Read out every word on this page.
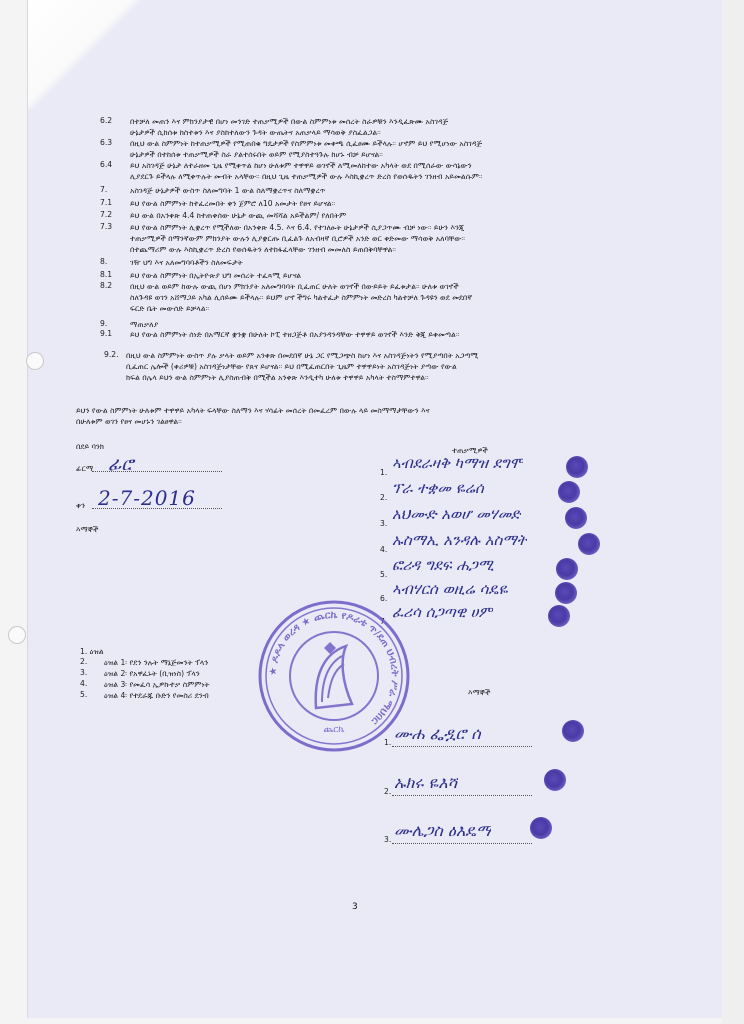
6.2 በተቻለ መጠን እና ምክንያታዊ በሆነ መንገድ ተጠቃሚዎች በውል ስምምነቱ መሰረት ስራዎቹን እንዲፈጽሙ አስገዳጅ
ሁኔታዎች ሲከሰቱ ከስተቱን እና ያስከተለውን ጉዳት ውጤትና አጠቃላይ ማሳወቅ ያስፈልጋል።
6.3 በዚህ ውል ስምምነት ከተጠቃሚዎች የሚጠበቁ ግዴታዎች የስምምነቱ መቀጫ ሲፈፀሙ ይችላሉ። ሆኖም ይህ የሚሆነው አስገዳጅ
ሁኔታዎች በተከሰቱ ተጠቃሚዎች ስራ ያልተሰሩበት ወይም የሚያስተጓጉሉ ከሆኑ ብቻ ይሆናል።
6.4 ይህ አስገዳጅ ሁኔታ ለተራዘመ ጊዜ የሚቀጥል ከሆነ ሁለቱም ተዋዋይ ወገኖች ለሚመለከተው አካላት ወደ በሚሰራው ውሳኔውን
ሊያደርጉ ይችላሉ ለሚቀጥሉት መብት አላቸው። በዚህ ጊዜ ተጠቃሚዎች ውሉ እስኪቋረጥ ድረስ የወሰዱትን ገንዘብ አይመልሱም።
7.	አስገዳጅ ሁኔታዎች ውስጥ ስለመግባት 1 ውል ስለማቋረጥና ስለማቋረጥ
7.1 ይህ የውል ስምምነት ከተፈረመበት ቀን ጀምሮ ለ10 አመታት የፀና ይሆናል።
7.2 ይህ ውል በአንቀጽ 4.4 ከተጠቀሰው ሁኔታ ውጪ መሻሻል አይችልም/ የለበትም
7.3 ይህ የውል ስምምነት ሊቋረጥ የሚችለው በአንቀጽ 4.5. እና 6.4. የተገለፁት ሁኔታዎች ሲያጋጥሙ ብቻ ነው። ይሁን እንጂ
ተጠቃሚዎች በማንኛውም ምክንያት ውሉን ሊያቋርጡ ቢፈልጉ ለአብዛኛ ቢሮዎች አንድ ወር ቀድመው ማሳወቅ አለባቸው።
በተጨማሪም ውሉ እስኪቋረጥ ድረስ የወሰዱትን ለተከፋፈላቸው ገንዘብ መመለስ ይጠበቅባቸዋል።
8.	ገዥ ህግ እና አለመግባባቶችን ስለመፍታት
8.1 ይህ የውል ስምምነት በኢትዮጵያ ህግ መሰረት ተፈጻሚ ይሆናል
8.2 በዚህ ውል ወይም ከውሉ ውጪ በሆነ ምክንያት አለመግባባት ቢፈጠር ሁለት ወገኖች በውይይት ይፈቱታል። ሁለቱ ወገኖች
ስለጉዳዩ ወገን አሸማጋይ አካል ሊሰይሙ ይችላሉ። ይህም ሆኖ ችግሩ ካልተፈታ ስምምነት መድረስ ካልተቻለ ጉዳዩን ወደ መደበኛ
ፍርድ ቤት መውሰድ ይቻላል።
9.	ማጠቃለያ
9.1 ይህ የውል ስምምነት ሰነድ በአማርኛ ቋንቋ በሁለት ኮፒ ተዘጋጅቶ በአያንዳንዳቸው ተዋዋይ ወገኖች እንድ ቅጂ ይቀመጣል።
9.2. በዚህ ውል ስምምነት ውስጥ ያሉ ቃላት ወይም አንቀጽ በመደበኛ ሁኔ ጋር የሚጋጭስ ከሆነ እና አስገዳጅነትን የሚያጣበት አጋጣሚ
ቢፈጠር ሌሎች (ቀሪዎቹ) አስገዳጅነታቸው የጸና ይሆናል። ይህ በሚፈጠርበት ጊዜም ተዋዋይነት አስገዳጅነት ያጣው የውል
ክፍል በሌላ ይህን ውል ስምምነት ሊያስጠብቅ በሚችል አንቀጽ እንዲተካ ሁለቱ ተዋዋይ አካላት ተስማምተዋል።
ይህን የውል ስምምነት ሁለቱም ተዋዋይ አካላት ፍላቸው ስለማን እና ሃሳፊት መሰረት በመፈረም በውሉ ላይ መስማማታቸውን እና
በሁለቱም ወገን የፀና መሆኑን ገልፀዋል።
በደይ ባንክ
ፊርማ ፊሮ
ቀን 2-7-2016
እማኞች
ተጠቃሚዎች
1.
ኣብደራዛቅ ካማዝ ደግሞ
2.
ፕራ ተቋመ ዬሬሰ
3.
አህሙድ አወሆ መሃመድ
4.
ኡስማኢ አንዳሉ አስማት
5.
ፎሪዳ ግደፍ ሐጋሚ
6.
ኣብሃርሰ ወዚሬ ሳዴዬ
7.
ፈሪሳ ሰጋጣዊ ሀም
★ ዶዶላ ወረዳ ★ ጨርኬ የዶራቴ ጥ/ደጠ ህብረት ሥራ ማህበር
ጨርኬ
1. ዕዝል
2. ዕዝል 1፡ የደን ንሉት ማኔጅመንት ፕላን
3. ዕዝል 2፡ የአዋፈኑት (ቢዝነስ) ፕላን
4. ዕዝል 3፡ የመፈሳ ኢዎኩተቃ ስምምነት
5. ዕዝል 4፡ የተደራጁ ቡድን የመስሪ ደንብ	እማኞች
1. ሙሐ ፌዷሮ ሰ
2. ኡክሩ ዬእሻ
3. ሙሌጋስ ዕእዴማ
3
